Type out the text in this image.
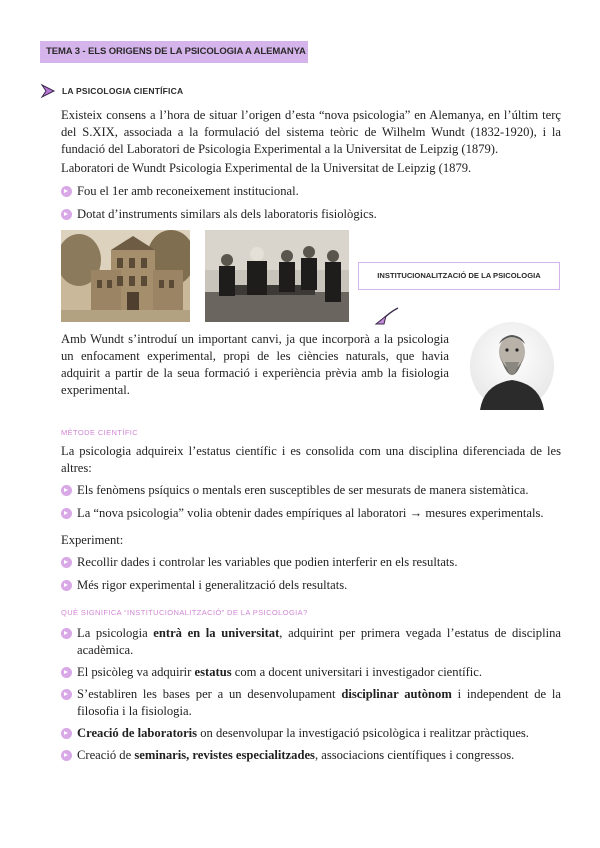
TEMA 3 - ELS ORIGENS DE LA PSICOLOGIA A ALEMANYA
LA PSICOLOGIA CIENTÍFICA

Existeix consens a l’hora de situar l’origen d’esta “nova psicologia” en Alemanya, en l’últim terç del S.XIX, associada a la formulació del sistema teòric de Wilhelm Wundt (1832-1920), i la fundació del Laboratori de Psicologia Experimental a la Universitat de Leipzig (1879).

Laboratori de Wundt Psicologia Experimental de la Universitat de Leipzig (1879.

Fou el 1er amb reconeixement institucional.
Dotat d’instruments similars als dels laboratoris fisiològics.
INSTITUCIONALITZACIÓ DE LA PSICOLOGIA

Amb Wundt s’introduí un important canvi, ja que incorporà a la psicologia un enfocament experimental, propi de les ciències naturals, que havia adquirit a partir de la seua formació i experiència prèvia amb la fisiologia experimental.

MÈTODE CIENTÍFIC

La psicologia adquireix l’estatus científic i es consolida com una disciplina diferenciada de les altres:

Els fenòmens psíquics o mentals eren susceptibles de ser mesurats de manera sistemàtica.
La “nova psicologia” volia obtenir dades empíriques al laboratori → mesures experimentals.

Experiment:

Recollir dades i controlar les variables que podien interferir en els resultats.
Més rigor experimental i generalització dels resultats.
QUÈ SIGNIFICA “INSTITUCIONALITZACIÓ” DE LA PSICOLOGIA?
La psicologia entrà en la universitat, adquirint per primera vegada l’estatus de disciplina acadèmica.
El psicòleg va adquirir estatus com a docent universitari i investigador científic.
S’establiren les bases per a un desenvolupament disciplinar autònom i independent de la filosofia i la fisiologia.
Creació de laboratoris on desenvolupar la investigació psicològica i realitzar pràctiques.
Creació de seminaris, revistes especialitzades, associacions científiques i congressos.
